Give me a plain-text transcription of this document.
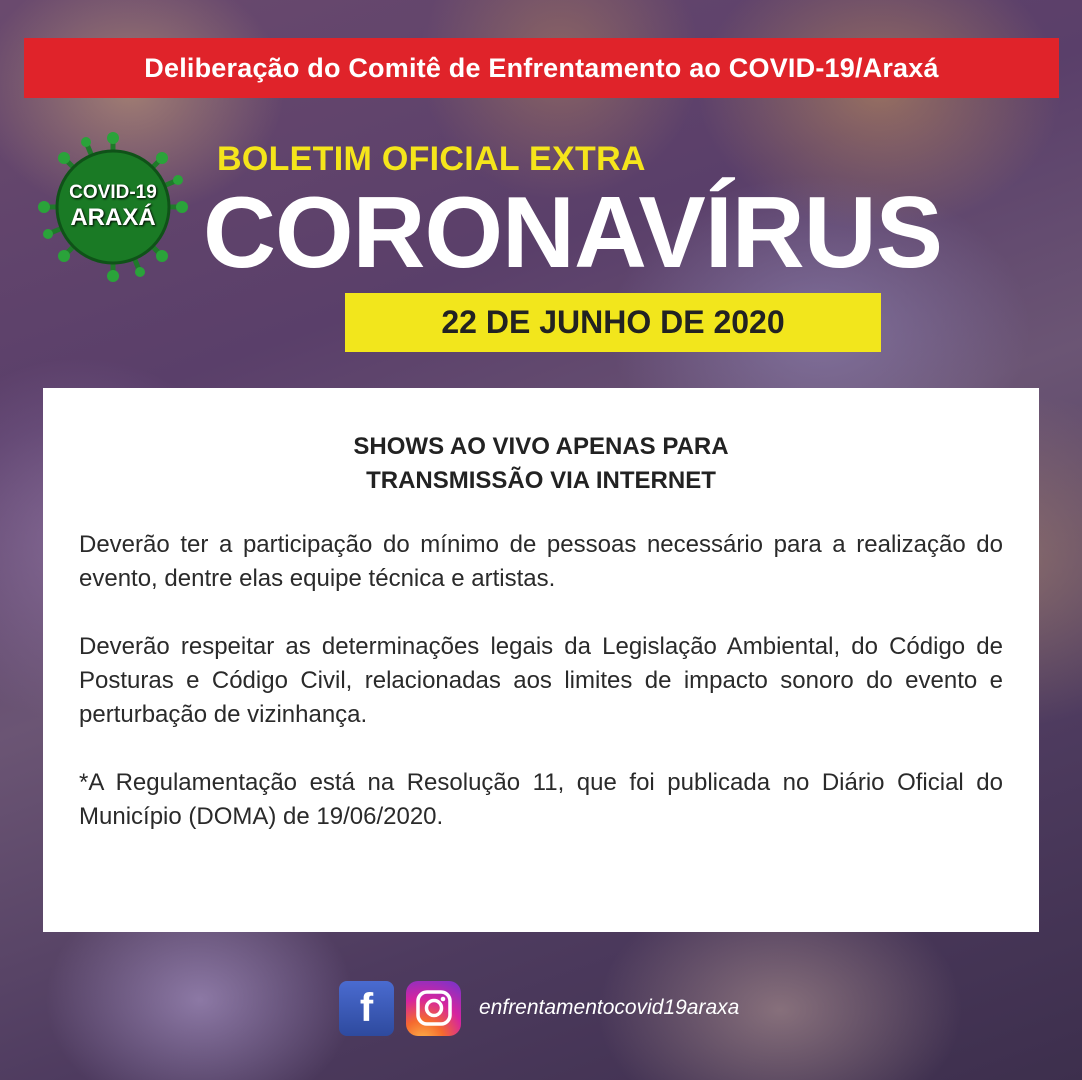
Deliberação do Comitê de Enfrentamento ao COVID-19/Araxá
COVID-19
ARAXÁ
BOLETIM OFICIAL EXTRA
CORONAVÍRUS
22 DE JUNHO DE 2020
SHOWS AO VIVO APENAS PARA
TRANSMISSÃO VIA INTERNET

Deverão ter a participação do mínimo de pessoas necessário para a realização do evento, dentre elas equipe técnica e artistas.

Deverão respeitar as determinações legais da Legislação Ambiental, do Código de Posturas e Código Civil, relacionadas aos limites de impacto sonoro do evento e perturbação de vizinhança.

*A Regulamentação está na Resolução 11, que foi publicada no Diário Oficial do Município (DOMA) de 19/06/2020.

f	enfrentamentocovid19araxa
